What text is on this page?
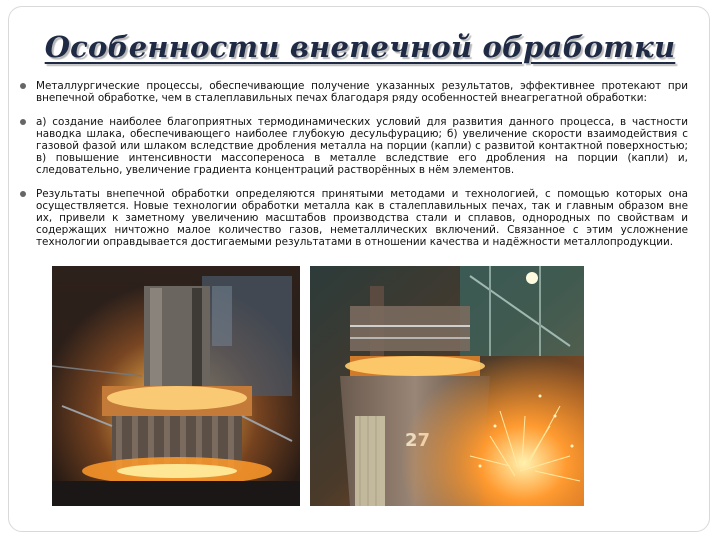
Особенности внепечной обработки
Металлургические процессы, обеспечивающие получение указанных результатов, эффективнее протекают при внепечной обработке, чем в сталеплавильных печах благодаря ряду особенностей внеагрегатной обработки:
а) создание наиболее благоприятных термодинамических условий для развития данного процесса, в частности наводка шлака, обеспечивающего наиболее глубокую десульфурацию; б) увеличение скорости взаимодействия с газовой фазой или шлаком вследствие дробления металла на порции (капли) с развитой контактной поверхностью; в) повышение интенсивности массопереноса в металле вследствие его дробления на порции (капли) и, следовательно, увеличение градиента концентраций растворённых в нём элементов.
Результаты внепечной обработки определяются принятыми методами и технологией, с помощью которых она осуществляется. Новые технологии обработки металла как в сталеплавильных печах, так и главным образом вне их, привели к заметному увеличению масштабов производства стали и сплавов, однородных по свойствам и содержащих ничтожно малое количество газов, неметаллических включений. Связанное с этим усложнение технологии оправдывается достигаемыми результатами в отношении качества и надёжности металлопродукции.
